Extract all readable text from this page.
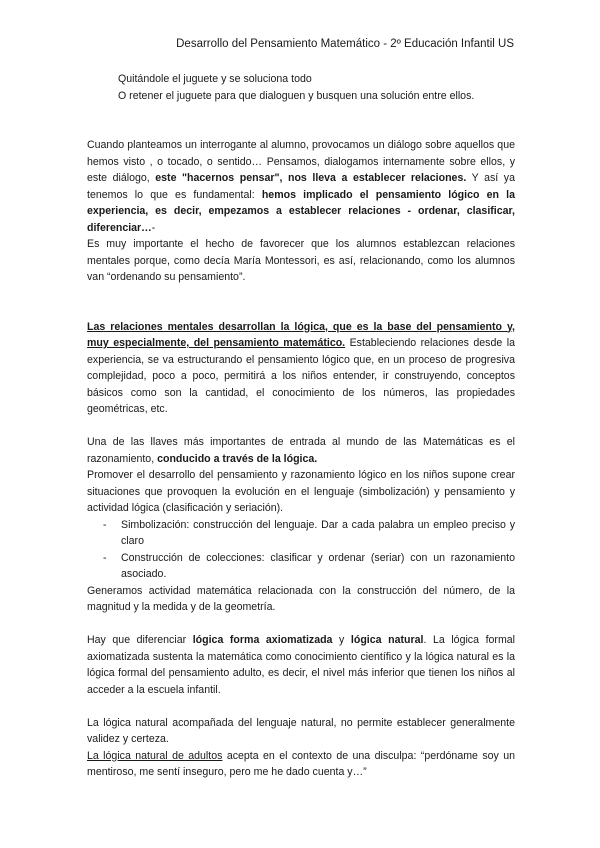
Desarrollo del Pensamiento Matemático - 2º Educación Infantil US

Quitándole el juguete y se soluciona todo

O retener el juguete para que dialoguen y busquen una solución entre ellos.

Cuando planteamos un interrogante al alumno, provocamos un diálogo sobre aquellos que hemos visto , o tocado, o sentido… Pensamos, dialogamos internamente sobre ellos, y este diálogo, este "hacernos pensar", nos lleva a establecer relaciones. Y así ya tenemos lo que es fundamental: hemos implicado el pensamiento lógico en la experiencia, es decir, empezamos a establecer relaciones - ordenar, clasificar, diferenciar…-

Es muy importante el hecho de favorecer que los alumnos establezcan relaciones mentales porque, como decía María Montessori, es así, relacionando, como los alumnos van “ordenando su pensamiento”.

Las relaciones mentales desarrollan la lógica, que es la base del pensamiento y, muy especialmente, del pensamiento matemático. Estableciendo relaciones desde la experiencia, se va estructurando el pensamiento lógico que, en un proceso de progresiva complejidad, poco a poco, permitirá a los niños entender, ir construyendo, conceptos básicos como son la cantidad, el conocimiento de los números, las propiedades geométricas, etc.

Una de las llaves más importantes de entrada al mundo de las Matemáticas es el razonamiento, conducido a través de la lógica.

Promover el desarrollo del pensamiento y razonamiento lógico en los niños supone crear situaciones que provoquen la evolución en el lenguaje (simbolización) y pensamiento y actividad lógica (clasificación y seriación).

-	Simbolización: construcción del lenguaje. Dar a cada palabra un empleo preciso y claro
-	Construcción de colecciones: clasificar y ordenar (seriar) con un razonamiento asociado.

Generamos actividad matemática relacionada con la construcción del número, de la magnitud y la medida y de la geometría.

Hay que diferenciar lógica forma axiomatizada y lógica natural. La lógica formal axiomatizada sustenta la matemática como conocimiento científico y la lógica natural es la lógica formal del pensamiento adulto, es decir, el nivel más inferior que tienen los niños al acceder a la escuela infantil.

La lógica natural acompañada del lenguaje natural, no permite establecer generalmente validez y certeza.

La lógica natural de adultos acepta en el contexto de una disculpa: “perdóname soy un mentiroso, me sentí inseguro, pero me he dado cuenta y…”
